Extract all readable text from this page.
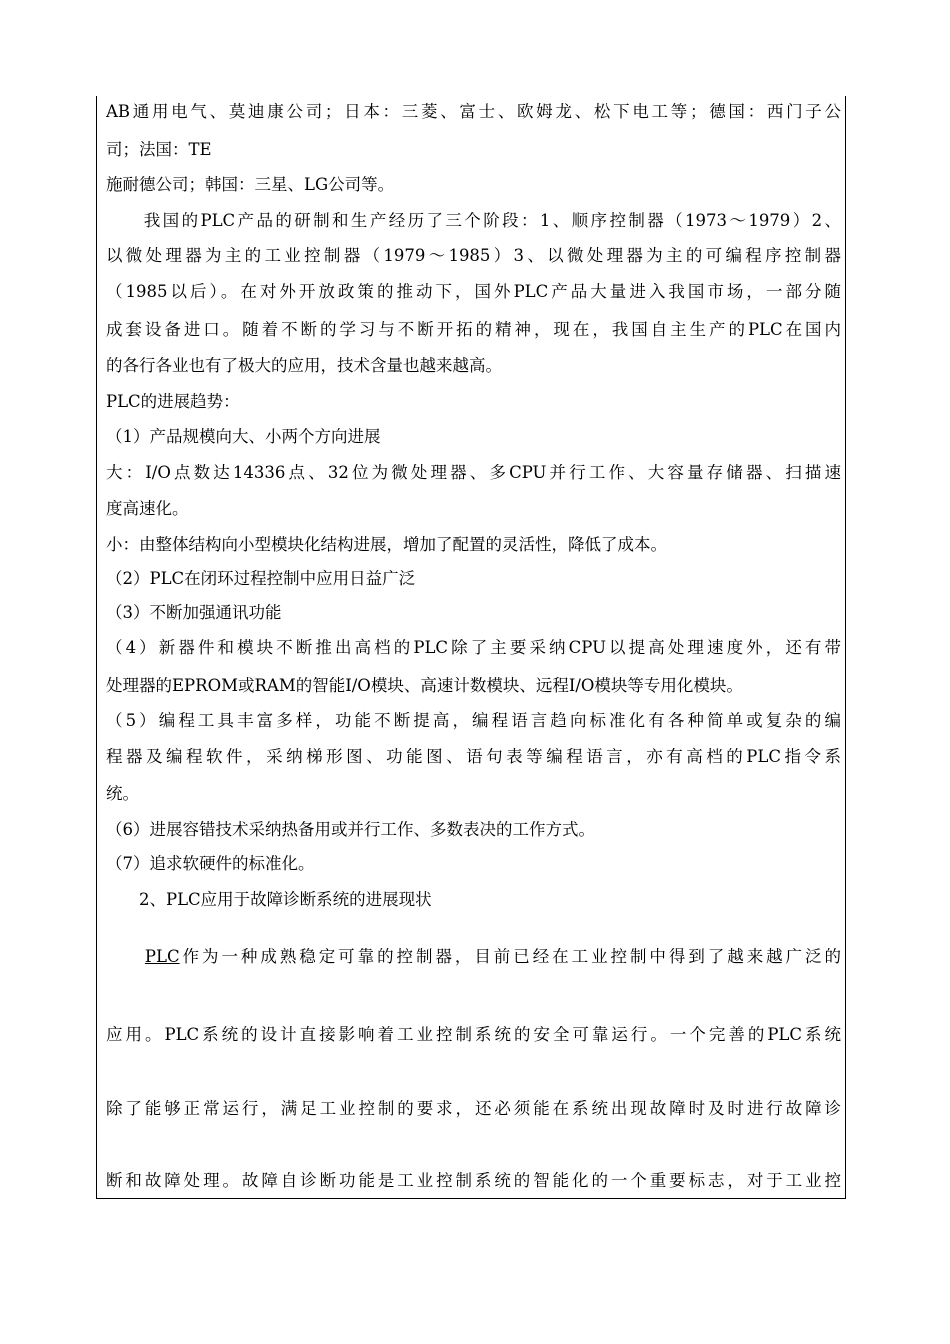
AB通用电气、莫迪康公司；日本：三菱、富士、欧姆龙、松下电工等；德国：西门子公
司；法国：TE
施耐德公司；韩国：三星、LG公司等。
　　我国的PLC产品的研制和生产经历了三个阶段：1、顺序控制器（1973～1979）2、
以微处理器为主的工业控制器（1979～1985）3、以微处理器为主的可编程序控制器
（1985以后）。在对外开放政策的推动下，国外PLC产品大量进入我国市场，一部分随
成套设备进口。随着不断的学习与不断开拓的精神，现在，我国自主生产的PLC在国内
的各行各业也有了极大的应用，技术含量也越来越高。
PLC的进展趋势：
（1）产品规模向大、小两个方向进展
大：I/O点数达14336点、32位为微处理器、多CPU并行工作、大容量存储器、扫描速
度高速化。
小：由整体结构向小型模块化结构进展，增加了配置的灵活性，降低了成本。
（2）PLC在闭环过程控制中应用日益广泛
（3）不断加强通讯功能
（4）新器件和模块不断推出高档的PLC除了主要采纳CPU以提高处理速度外，还有带
处理器的EPROM或RAM的智能I/O模块、高速计数模块、远程I/O模块等专用化模块。
（5）编程工具丰富多样，功能不断提高，编程语言趋向标准化有各种简单或复杂的编
程器及编程软件，采纳梯形图、功能图、语句表等编程语言，亦有高档的PLC指令系
统。
（6）进展容错技术采纳热备用或并行工作、多数表决的工作方式。
（7）追求软硬件的标准化。
　　2、PLC应用于故障诊断系统的进展现状
　　PLC作为一种成熟稳定可靠的控制器，目前已经在工业控制中得到了越来越广泛的
应用。PLC系统的设计直接影响着工业控制系统的安全可靠运行。一个完善的PLC系统
除了能够正常运行，满足工业控制的要求，还必须能在系统出现故障时及时进行故障诊
断和故障处理。故障自诊断功能是工业控制系统的智能化的一个重要标志，对于工业控
